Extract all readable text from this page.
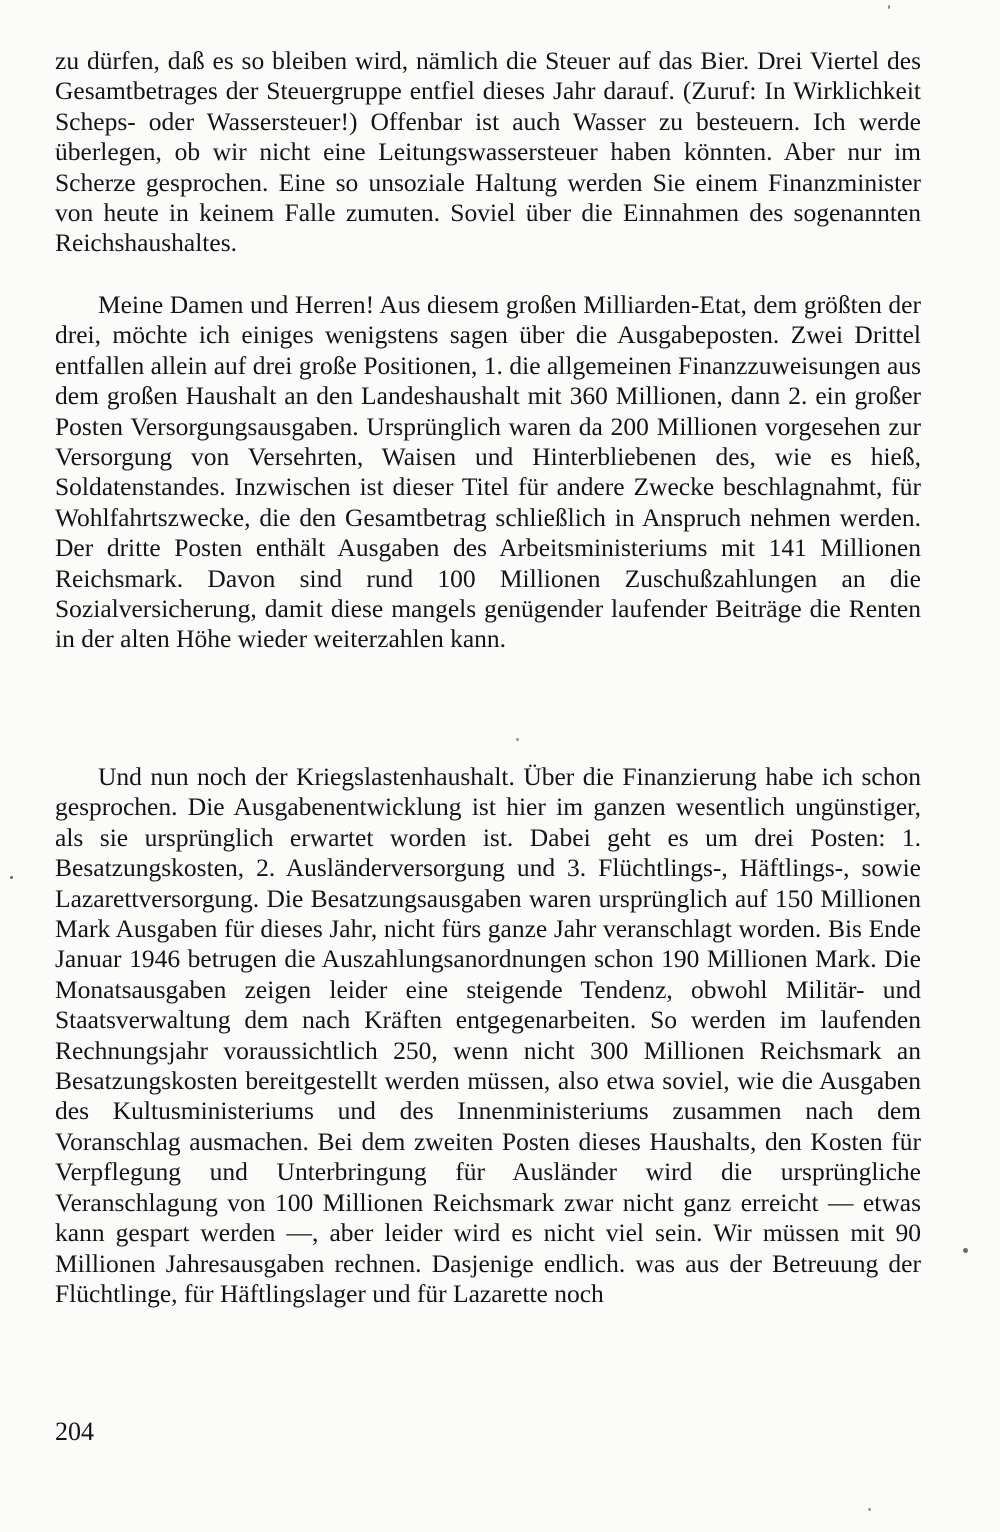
zu dürfen, daß es so bleiben wird, nämlich die Steuer auf das Bier. Drei Viertel des Gesamtbetrages der Steuergruppe entfiel dieses Jahr darauf. (Zuruf: In Wirklichkeit Scheps- oder Wassersteuer!) Offenbar ist auch Wasser zu besteuern. Ich werde überlegen, ob wir nicht eine Leitungswassersteuer haben könnten. Aber nur im Scherze gesprochen. Eine so unsoziale Haltung werden Sie einem Finanzminister von heute in keinem Falle zumuten. Soviel über die Einnahmen des sogenannten Reichshaushaltes.

Meine Damen und Herren! Aus diesem großen Milliarden-Etat, dem größten der drei, möchte ich einiges wenigstens sagen über die Ausgabeposten. Zwei Drittel entfallen allein auf drei große Positionen, 1. die allgemeinen Finanzzuweisungen aus dem großen Haushalt an den Landeshaushalt mit 360 Millionen, dann 2. ein großer Posten Versorgungsausgaben. Ursprünglich waren da 200 Millionen vorgesehen zur Versorgung von Versehrten, Waisen und Hinterbliebenen des, wie es hieß, Soldatenstandes. Inzwischen ist dieser Titel für andere Zwecke beschlagnahmt, für Wohlfahrtszwecke, die den Gesamtbetrag schließlich in Anspruch nehmen werden. Der dritte Posten enthält Ausgaben des Arbeitsministeriums mit 141 Millionen Reichsmark. Davon sind rund 100 Millionen Zuschußzahlungen an die Sozialversicherung, damit diese mangels genügender laufender Beiträge die Renten in der alten Höhe wieder weiterzahlen kann.

Und nun noch der Kriegslastenhaushalt. Über die Finanzierung habe ich schon gesprochen. Die Ausgabenentwicklung ist hier im ganzen wesentlich ungünstiger, als sie ursprünglich erwartet worden ist. Dabei geht es um drei Posten: 1. Besatzungskosten, 2. Ausländerversorgung und 3. Flüchtlings-, Häftlings-, sowie Lazarettversorgung. Die Besatzungsausgaben waren ursprünglich auf 150 Millionen Mark Ausgaben für dieses Jahr, nicht fürs ganze Jahr veranschlagt worden. Bis Ende Januar 1946 betrugen die Auszahlungsanordnungen schon 190 Millionen Mark. Die Monatsausgaben zeigen leider eine steigende Tendenz, obwohl Militär- und Staatsverwaltung dem nach Kräften entgegenarbeiten. So werden im laufenden Rechnungsjahr voraussichtlich 250, wenn nicht 300 Millionen Reichsmark an Besatzungskosten bereitgestellt werden müssen, also etwa soviel, wie die Ausgaben des Kultusministeriums und des Innenministeriums zusammen nach dem Voranschlag ausmachen. Bei dem zweiten Posten dieses Haushalts, den Kosten für Verpflegung und Unterbringung für Ausländer wird die ursprüngliche Veranschlagung von 100 Millionen Reichsmark zwar nicht ganz erreicht — etwas kann gespart werden —, aber leider wird es nicht viel sein. Wir müssen mit 90 Millionen Jahresausgaben rechnen. Dasjenige endlich. was aus der Betreuung der Flüchtlinge, für Häftlingslager und für Lazarette noch

204
